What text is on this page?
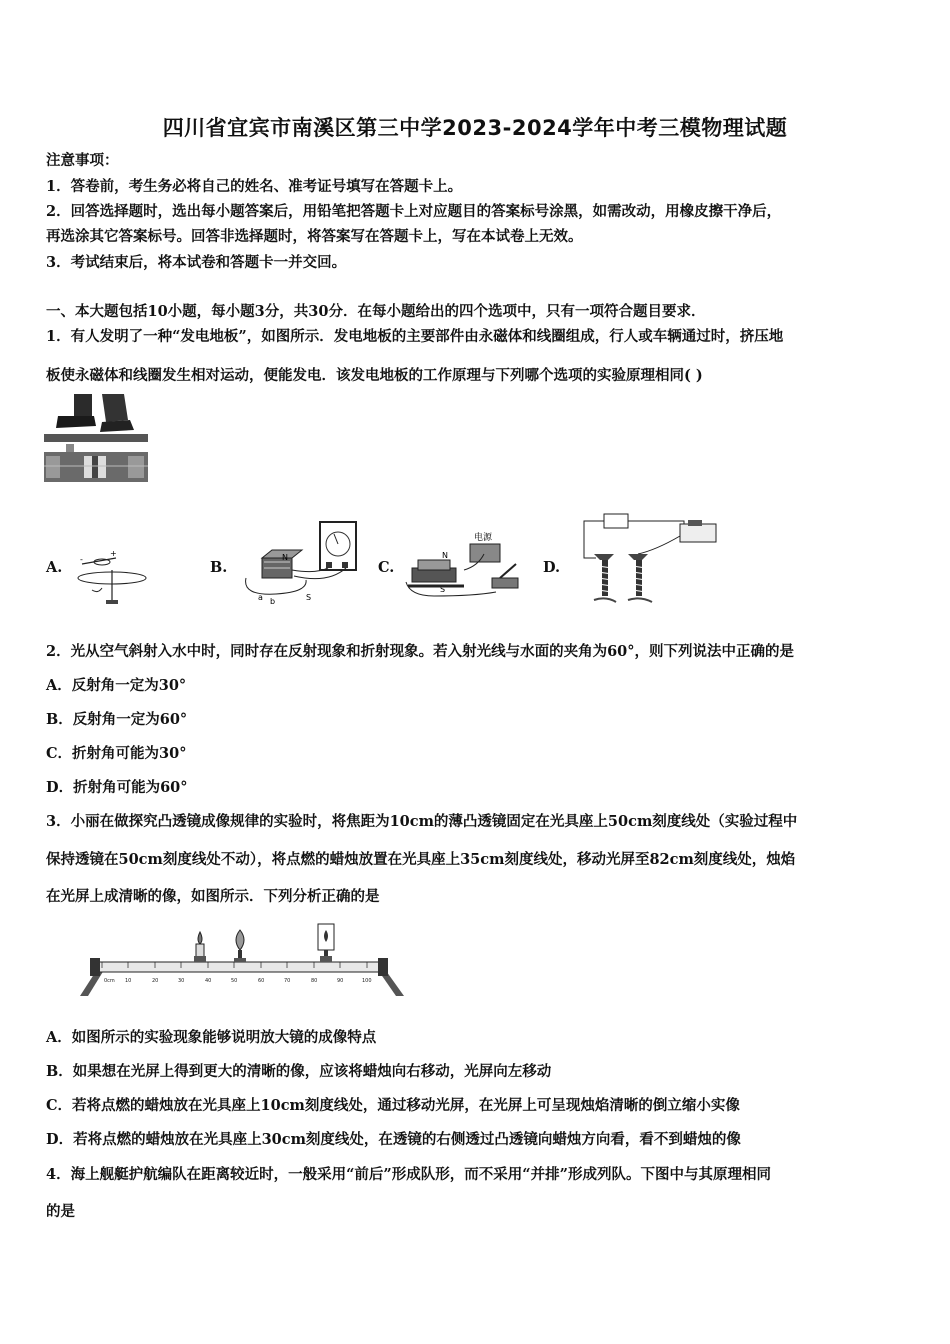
四川省宜宾市南溪区第三中学2023-2024学年中考三模物理试题
注意事项：
1．答卷前，考生务必将自己的姓名、准考证号填写在答题卡上。
2．回答选择题时，选出每小题答案后，用铅笔把答题卡上对应题目的答案标号涂黑，如需改动，用橡皮擦干净后，
再选涂其它答案标号。回答非选择题时，将答案写在答题卡上，写在本试卷上无效。
3．考试结束后，将本试卷和答题卡一并交回。
一、本大题包括10小题，每小题3分，共30分．在每小题给出的四个选项中，只有一项符合题目要求．
1．有人发明了一种“发电地板”，如图所示．发电地板的主要部件由永磁体和线圈组成，行人或车辆通过时，挤压地
板使永磁体和线圈发生相对运动，便能发电．该发电地板的工作原理与下列哪个选项的实验原理相同( )
A.
+
-	B.
N
S
a b
C.
电源
N
S
D.
2．光从空气斜射入水中时，同时存在反射现象和折射现象。若入射光线与水面的夹角为60°，则下列说法中正确的是
A．反射角一定为30°
B．反射角一定为60°
C．折射角可能为30°
D．折射角可能为60°
3．小丽在做探究凸透镜成像规律的实验时，将焦距为10cm的薄凸透镜固定在光具座上50cm刻度线处（实验过程中
保持透镜在50cm刻度线处不动），将点燃的蜡烛放置在光具座上35cm刻度线处，移动光屏至82cm刻度线处，烛焰
在光屏上成清晰的像，如图所示．下列分析正确的是
0cm 10	20	30	40	50	60	70	80	90	100
A．如图所示的实验现象能够说明放大镜的成像特点
B．如果想在光屏上得到更大的清晰的像，应该将蜡烛向右移动，光屏向左移动
C．若将点燃的蜡烛放在光具座上10cm刻度线处，通过移动光屏，在光屏上可呈现烛焰清晰的倒立缩小实像
D．若将点燃的蜡烛放在光具座上30cm刻度线处，在透镜的右侧透过凸透镜向蜡烛方向看，看不到蜡烛的像
4．海上舰艇护航编队在距离较近时，一般采用“前后”形成队形，而不采用“并排”形成列队。下图中与其原理相同
的是
